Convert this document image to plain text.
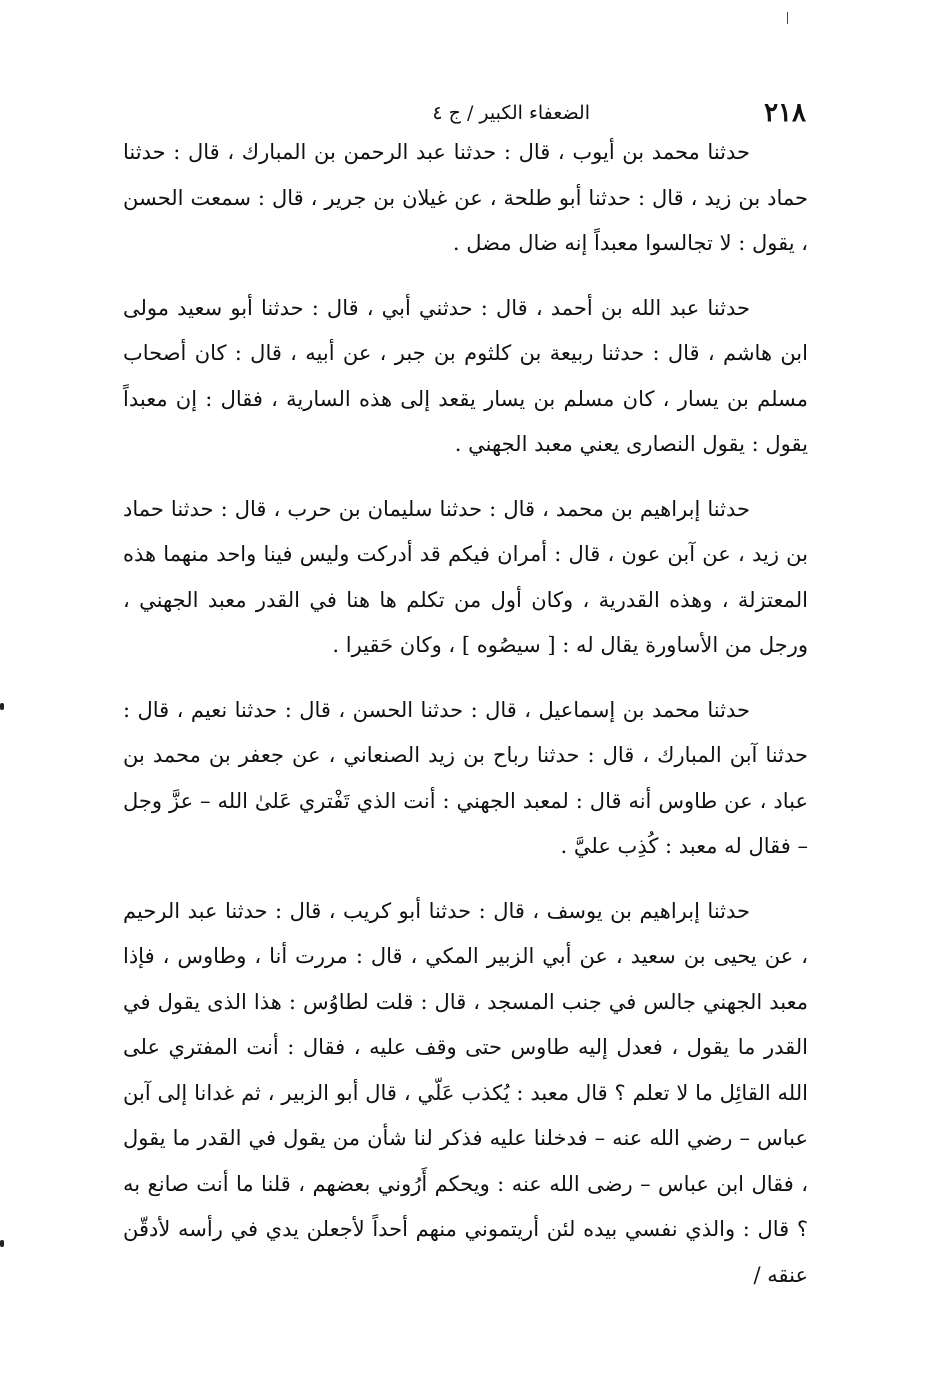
٢١٨
الضعفاء الكبير / ج ٤

حدثنا محمد بن أيوب ، قال : حدثنا عبد الرحمن بن المبارك ، قال : حدثنا حماد بن زيد ، قال : حدثنا أبو طلحة ، عن غيلان بن جرير ، قال : سمعت الحسن ، يقول : لا تجالسوا معبداً إنه ضال مضل .

حدثنا عبد الله بن أحمد ، قال : حدثني أبي ، قال : حدثنا أبو سعيد مولى ابن هاشم ، قال : حدثنا ربيعة بن كلثوم بن جبر ، عن أبيه ، قال : كان أصحاب مسلم بن يسار ، كان مسلم بن يسار يقعد إلى هذه السارية ، فقال : إن معبداً يقول : يقول النصارى يعني معبد الجهني .

حدثنا إبراهيم بن محمد ، قال : حدثنا سليمان بن حرب ، قال : حدثنا حماد بن زيد ، عن آبن عون ، قال : أمران فيكم قد أدركت وليس فينا واحد منهما هذه المعتزلة ، وهذه القدرية ، وكان أول من تكلم ها هنا في القدر معبد الجهني ، ورجل من الأساورة يقال له : [ سيصُوه ] ، وكان حَقيرا .

حدثنا محمد بن إسماعيل ، قال : حدثنا الحسن ، قال : حدثنا نعيم ، قال : حدثنا آبن المبارك ، قال : حدثنا رباح بن زيد الصنعاني ، عن جعفر بن محمد بن عباد ، عن طاوس أنه قال : لمعبد الجهني : أنت الذي تَفْتري عَلىٰ الله – عزَّ وجل – فقال له معبد : كُذِب عليَّ .

حدثنا إبراهيم بن يوسف ، قال : حدثنا أبو كريب ، قال : حدثنا عبد الرحيم ، عن يحيى بن سعيد ، عن أبي الزبير المكي ، قال : مررت أنا ، وطاوس ، فإذا معبد الجهني جالس في جنب المسجد ، قال : قلت لطاوُس : هذا الذى يقول في القدر ما يقول ، فعدل إليه طاوس حتى وقف عليه ، فقال : أنت المفتري على الله القائِل ما لا تعلم ؟ قال معبد : يُكذب عَلّي ، قال أبو الزبير ، ثم غدانا إلى آبن عباس – رضي الله عنه – فدخلنا عليه فذكر لنا شأن من يقول في القدر ما يقول ، فقال ابن عباس – رضى الله عنه : ويحكم أَرُوني بعضهم ، قلنا ما أنت صانع به ؟ قال : والذي نفسي بيده لئن أريتموني منهم أحداً لأجعلن يدي في رأسه لأدقّن عنقه /
